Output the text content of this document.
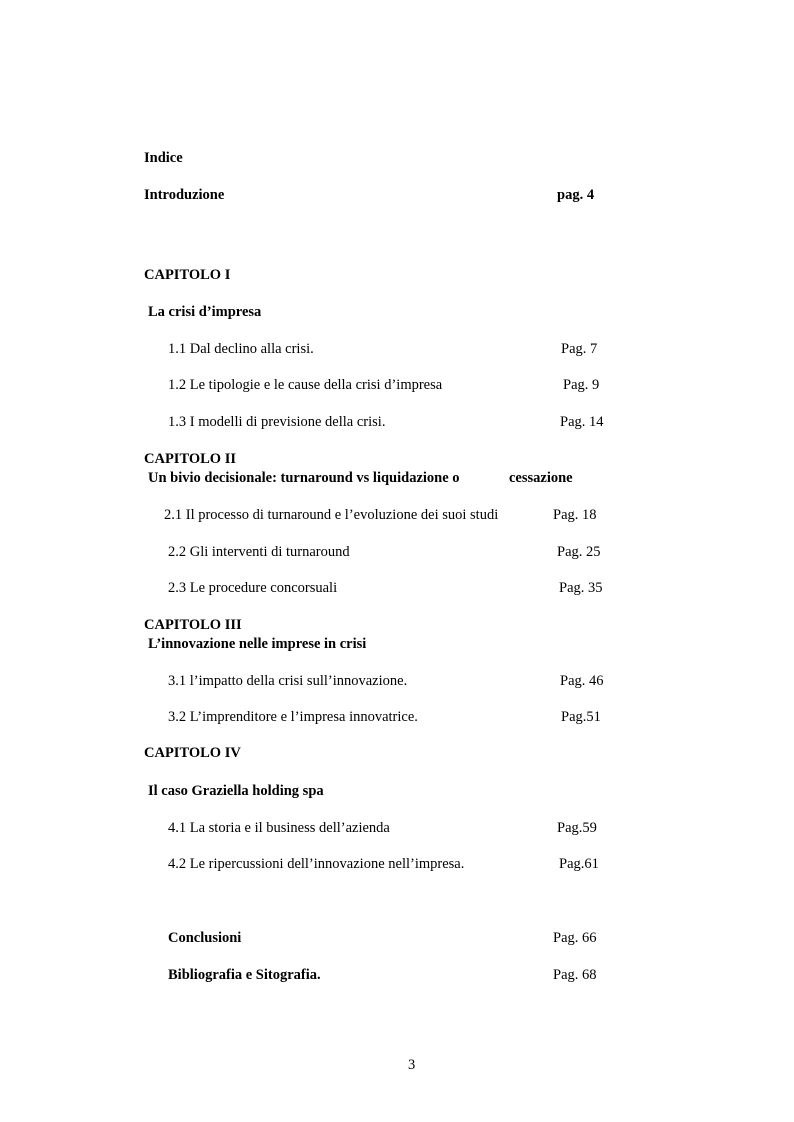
Indice
Introduzione	pag. 4
CAPITOLO I
La crisi d’impresa
1.1 Dal declino alla crisi.	Pag. 7
1.2 Le tipologie e le cause della crisi d’impresa	Pag. 9
1.3 I modelli di previsione della crisi.	Pag. 14
CAPITOLO II
Un bivio decisionale: turnaround vs liquidazione o	cessazione
2.1 Il processo di turnaround e l’evoluzione dei suoi studi	Pag. 18
2.2 Gli interventi di turnaround	Pag. 25
2.3 Le procedure concorsuali	Pag. 35
CAPITOLO III
L’innovazione nelle imprese in crisi
3.1 l’impatto della crisi sull’innovazione.	Pag. 46
3.2 L’imprenditore e l’impresa innovatrice.	Pag.51
CAPITOLO IV
Il caso Graziella holding spa
4.1 La storia e il business dell’azienda	Pag.59
4.2 Le ripercussioni dell’innovazione nell’impresa.	Pag.61
Conclusioni	Pag. 66
Bibliografia e Sitografia.	Pag. 68
3
